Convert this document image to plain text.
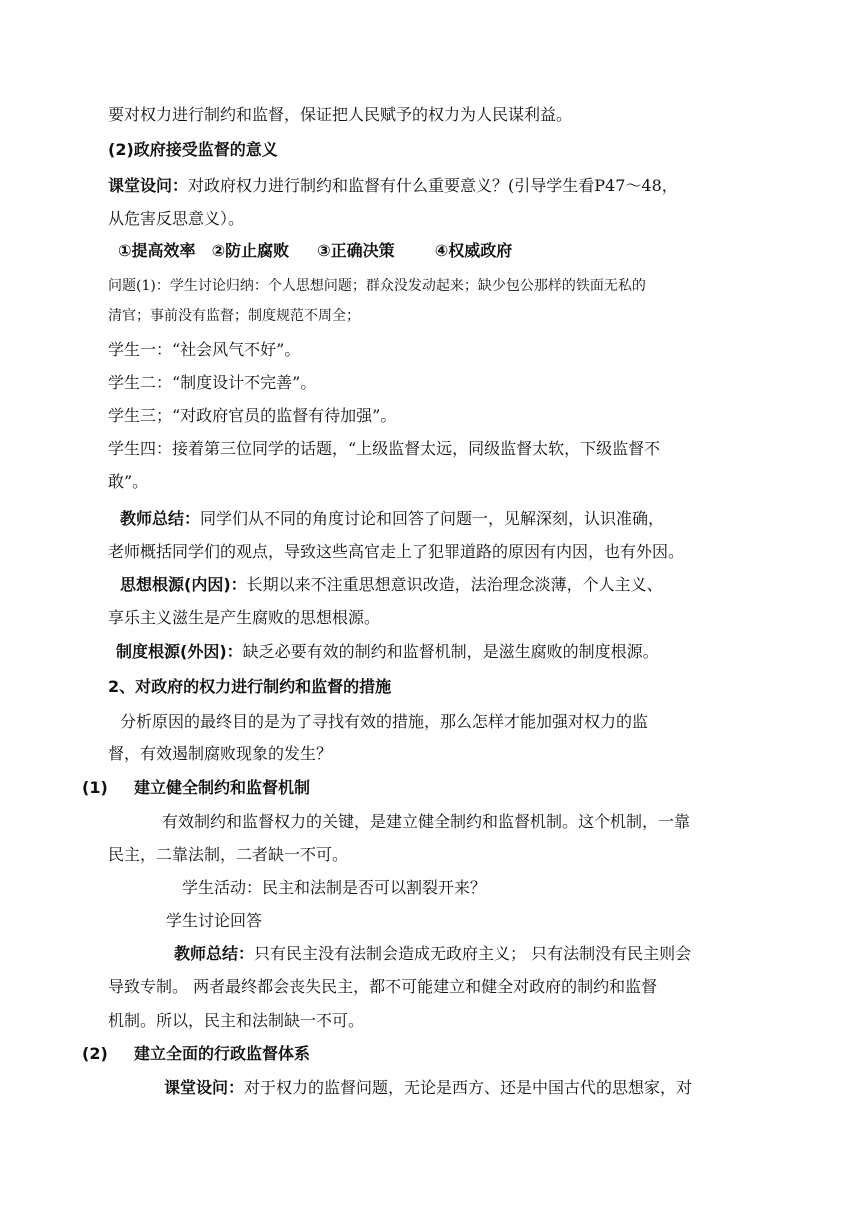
要对权力进行制约和监督，保证把人民赋予的权力为人民谋利益。
(2)政府接受监督的意义
课堂设问：对政府权力进行制约和监督有什么重要意义？(引导学生看P47～48，
从危害反思意义）。
①提高效率 ②防止腐败 ③正确决策	④权威政府
问题(1)：学生讨论归纳：个人思想问题；群众没发动起来；缺少包公那样的铁面无私的
清官；事前没有监督；制度规范不周全；
学生一：“社会风气不好”。
学生二：“制度设计不完善”。
学生三；“对政府官员的监督有待加强”。
学生四：接着第三位同学的话题，“上级监督太远，同级监督太软，下级监督不
敢”。
教师总结：同学们从不同的角度讨论和回答了问题一，见解深刻，认识准确，
老师概括同学们的观点，导致这些高官走上了犯罪道路的原因有内因，也有外因。
思想根源(内因)：长期以来不注重思想意识改造，法治理念淡薄，个人主义、
享乐主义滋生是产生腐败的思想根源。
制度根源(外因)：缺乏必要有效的制约和监督机制，是滋生腐败的制度根源。
2、对政府的权力进行制约和监督的措施
分析原因的最终目的是为了寻找有效的措施，那么怎样才能加强对权力的监
督，有效遏制腐败现象的发生？
(1) 建立健全制约和监督机制
有效制约和监督权力的关键，是建立健全制约和监督机制。这个机制，一靠
民主，二靠法制，二者缺一不可。
学生活动：民主和法制是否可以割裂开来？
学生讨论回答
教师总结：只有民主没有法制会造成无政府主义； 只有法制没有民主则会
导致专制。 两者最终都会丧失民主，都不可能建立和健全对政府的制约和监督
机制。所以，民主和法制缺一不可。
(2) 建立全面的行政监督体系
课堂设问：对于权力的监督问题，无论是西方、还是中国古代的思想家，对
